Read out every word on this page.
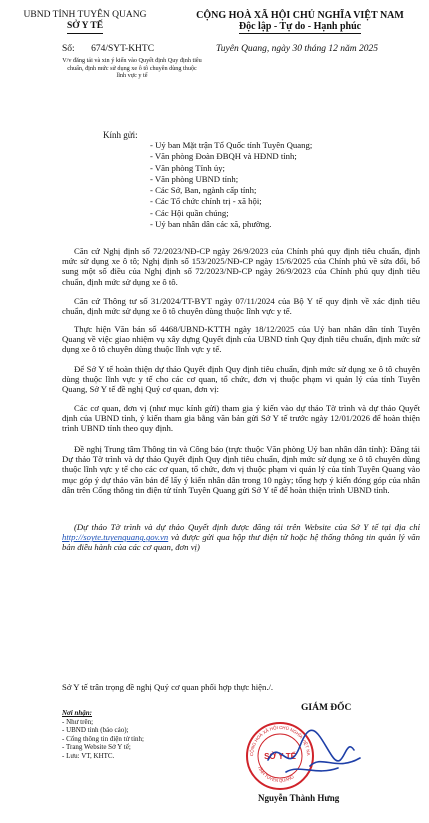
UBND TỈNH TUYÊN QUANG
SỞ Y TẾ
CỘNG HOÀ XÃ HỘI CHỦ NGHĨA VIỆT NAM
Độc lập - Tự do - Hạnh phúc
Số: 674/SYT-KHTC	Tuyên Quang, ngày 30 tháng 12 năm 2025
V/v đăng tải và xin ý kiến vào Quyết định Quy định tiêu chuẩn, định mức sử dụng xe ô tô chuyên dùng thuộc lĩnh vực y tế
Kính gửi:
- Uỷ ban Mặt trận Tổ Quốc tỉnh Tuyên Quang;
- Văn phòng Đoàn ĐBQH và HĐND tỉnh;
- Văn phòng Tỉnh ủy;
- Văn phòng UBND tỉnh;
- Các Sở, Ban, ngành cấp tỉnh;
- Các Tổ chức chính trị - xã hội;
- Các Hội quần chúng;
- Uỷ ban nhân dân các xã, phường.
Căn cứ Nghị định số 72/2023/NĐ-CP ngày 26/9/2023 của Chính phủ quy định tiêu chuẩn, định mức sử dụng xe ô tô; Nghị định số 153/2025/NĐ-CP ngày 15/6/2025 của Chính phủ về sửa đổi, bổ sung một số điều của Nghị định số 72/2023/NĐ-CP ngày 26/9/2023 của Chính phủ quy định tiêu chuẩn, định mức sử dụng xe ô tô.
Căn cứ Thông tư số 31/2024/TT-BYT ngày 07/11/2024 của Bộ Y tế quy định về xác định tiêu chuẩn, định mức sử dụng xe ô tô chuyên dùng thuộc lĩnh vực y tế.
Thực hiện Văn bản số 4468/UBND-KTTH ngày 18/12/2025 của Uỷ ban nhân dân tỉnh Tuyên Quang về việc giao nhiệm vụ xây dựng Quyết định của UBND tỉnh Quy định tiêu chuẩn, định mức sử dụng xe ô tô chuyên dùng thuộc lĩnh vực y tế.
Để Sở Y tế hoàn thiện dự thảo Quyết định Quy định tiêu chuẩn, định mức sử dụng xe ô tô chuyên dùng thuộc lĩnh vực y tế cho các cơ quan, tổ chức, đơn vị thuộc phạm vi quản lý của tỉnh Tuyên Quang, Sở Y tế đề nghị Quý cơ quan, đơn vị:
Các cơ quan, đơn vị (như mục kính gửi) tham gia ý kiến vào dự thảo Tờ trình và dự thảo Quyết định của UBND tỉnh, ý kiến tham gia bằng văn bản gửi Sở Y tế trước ngày 12/01/2026 để hoàn thiện trình UBND tỉnh theo quy định.
Đề nghị Trung tâm Thông tin và Công báo (trực thuộc Văn phòng Uỷ ban nhân dân tỉnh): Đăng tải Dự thảo Tờ trình và dự thảo Quyết định Quy định tiêu chuẩn, định mức sử dụng xe ô tô chuyên dùng thuộc lĩnh vực y tế cho các cơ quan, tổ chức, đơn vị thuộc phạm vi quản lý của tỉnh Tuyên Quang vào mục góp ý dự thảo văn bản để lấy ý kiến nhân dân trong 10 ngày; tổng hợp ý kiến đóng góp của nhân dân trên Cổng thông tin điện tử tỉnh Tuyên Quang gửi Sở Y tế để hoàn thiện trình UBND tỉnh.
(Dự thảo Tờ trình và dự thảo Quyết định được đăng tải trên Website của Sở Y tế tại địa chỉ http://soyte.tuyenquang.gov.vn và được gửi qua hộp thư điện tử hoặc hệ thống thông tin quản lý văn bản điều hành của các cơ quan, đơn vị)
Sở Y tế trân trọng đề nghị Quý cơ quan phối hợp thực hiện./.
Nơi nhận:
- Như trên;
- UBND tỉnh (báo cáo);
- Cổng thông tin điện tử tỉnh;
- Trang Website Sở Y tế;
- Lưu: VT, KHTC.
GIÁM ĐỐC
CỘNG HOÀ XÃ HỘI CHỦ NGHĨA VIỆT NA
TỈNH TUYÊN QUANG
SỞ Y TẾ
Nguyễn Thành Hưng
